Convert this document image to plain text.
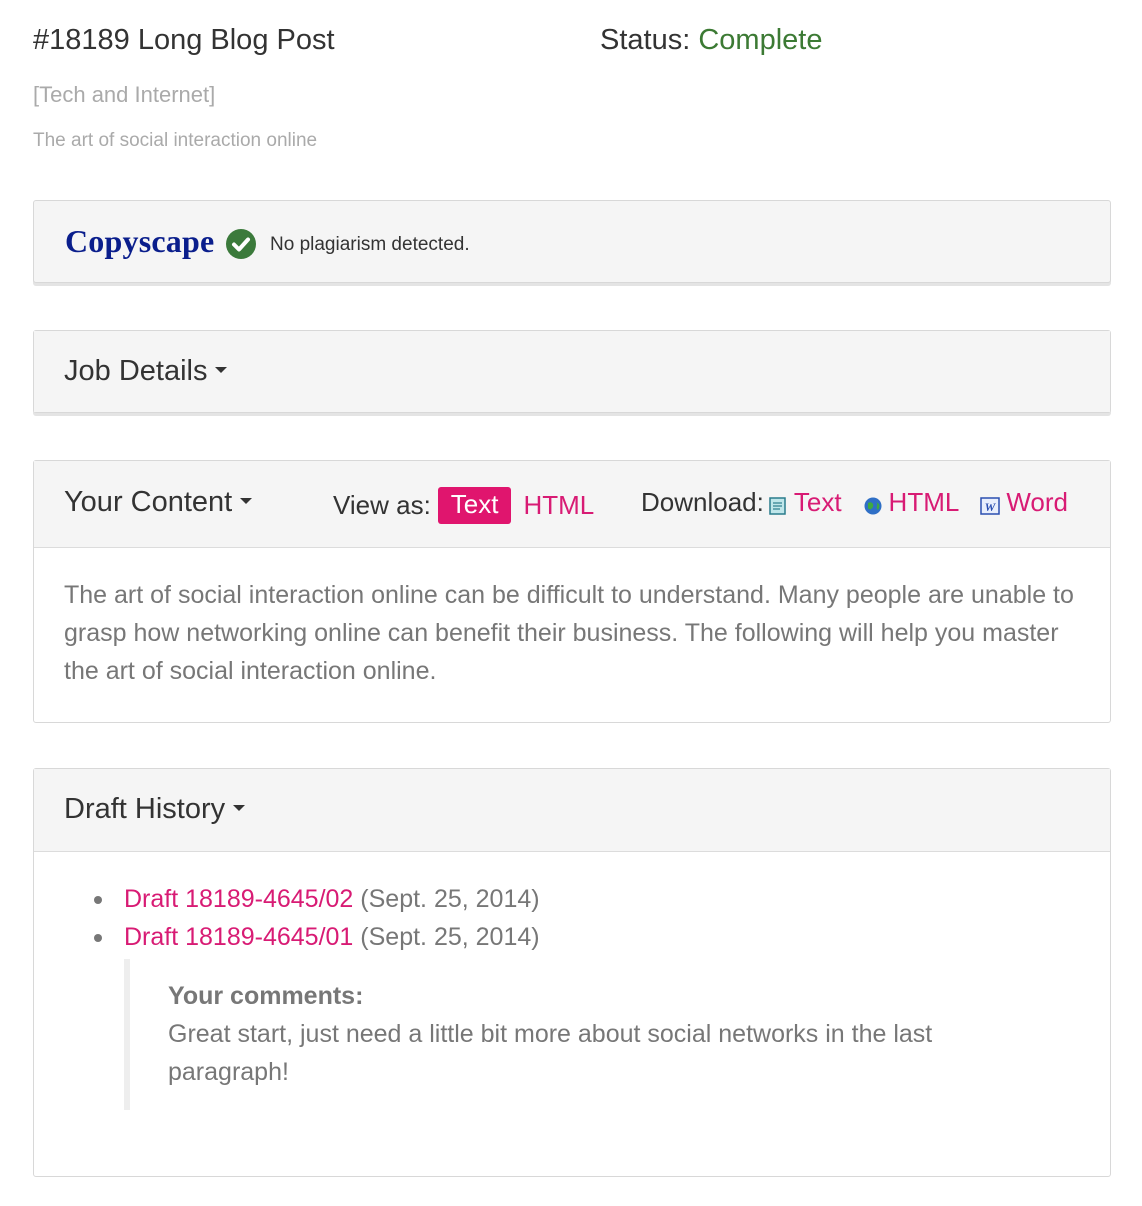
#18189 Long Blog Post	Status: Complete
[Tech and Internet]
The art of social interaction online
Copyscape	No plagiarism detected.
Job Details
Your Content	View as: Text HTML Download: Text HTML W Word
The art of social interaction online can be difficult to understand. Many people are unable to grasp how networking online can benefit their business. The following will help you master the art of social interaction online.
Draft History
Draft 18189-4645/02 (Sept. 25, 2014)
Draft 18189-4645/01 (Sept. 25, 2014)
Your comments:
Great start, just need a little bit more about social networks in the last paragraph!
